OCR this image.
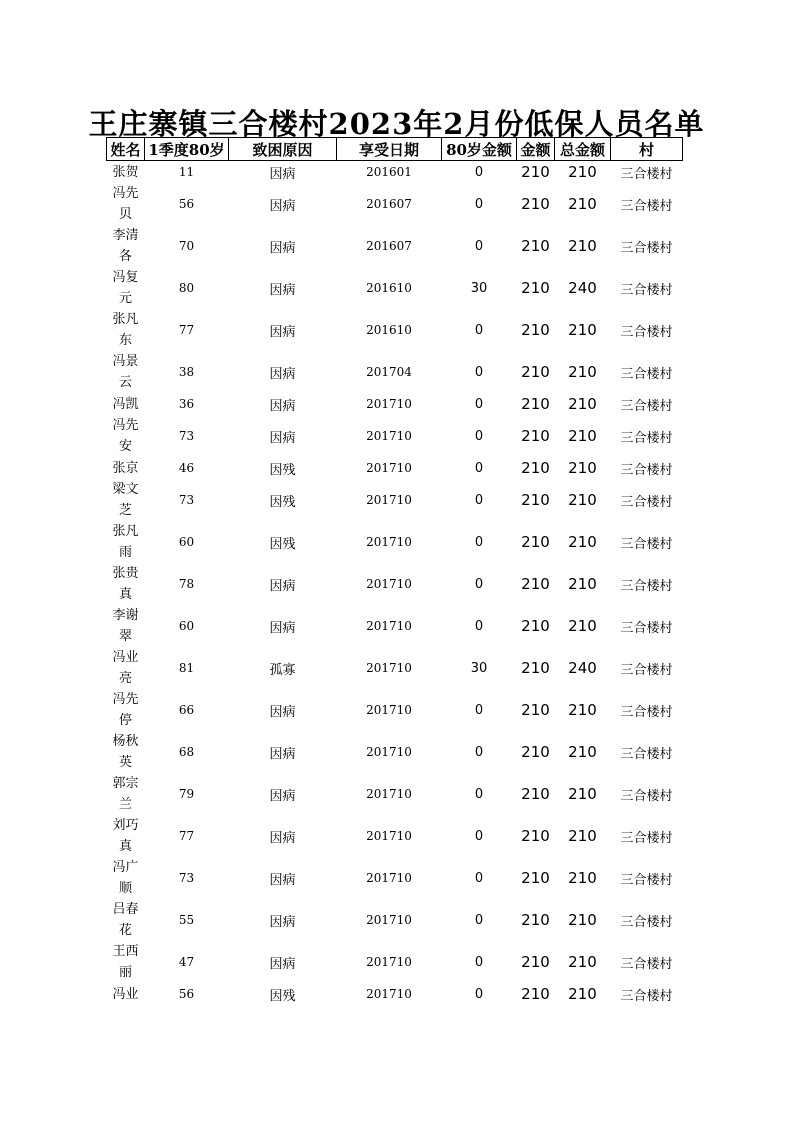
王庄寨镇三合楼村2023年2月份低保人员名单
姓名	1季度80岁	致困原因	享受日期	80岁金额	金额	总金额	村

张贺	11	因病	201601	0	210	210	三合楼村

冯先
贝	56	因病	201607	0	210	210	三合楼村

李清
各	70	因病	201607	0	210	210	三合楼村

冯复
元	80	因病	201610	30	210	240	三合楼村

张凡
东	77	因病	201610	0	210	210	三合楼村

冯景
云	38	因病	201704	0	210	210	三合楼村

冯凯	36	因病	201710	0	210	210	三合楼村

冯先
安	73	因病	201710	0	210	210	三合楼村

张京	46	因残	201710	0	210	210	三合楼村

梁文
芝	73	因残	201710	0	210	210	三合楼村

张凡
雨	60	因残	201710	0	210	210	三合楼村

张贵
真	78	因病	201710	0	210	210	三合楼村

李谢
翠	60	因病	201710	0	210	210	三合楼村

冯业
亮	81	孤寡	201710	30	210	240	三合楼村

冯先
停	66	因病	201710	0	210	210	三合楼村

杨秋
英	68	因病	201710	0	210	210	三合楼村

郭宗
兰	79	因病	201710	0	210	210	三合楼村

刘巧
真	77	因病	201710	0	210	210	三合楼村

冯广
顺	73	因病	201710	0	210	210	三合楼村

吕春
花	55	因病	201710	0	210	210	三合楼村

王西
丽	47	因病	201710	0	210	210	三合楼村

冯业	56	因残	201710	0	210	210	三合楼村
